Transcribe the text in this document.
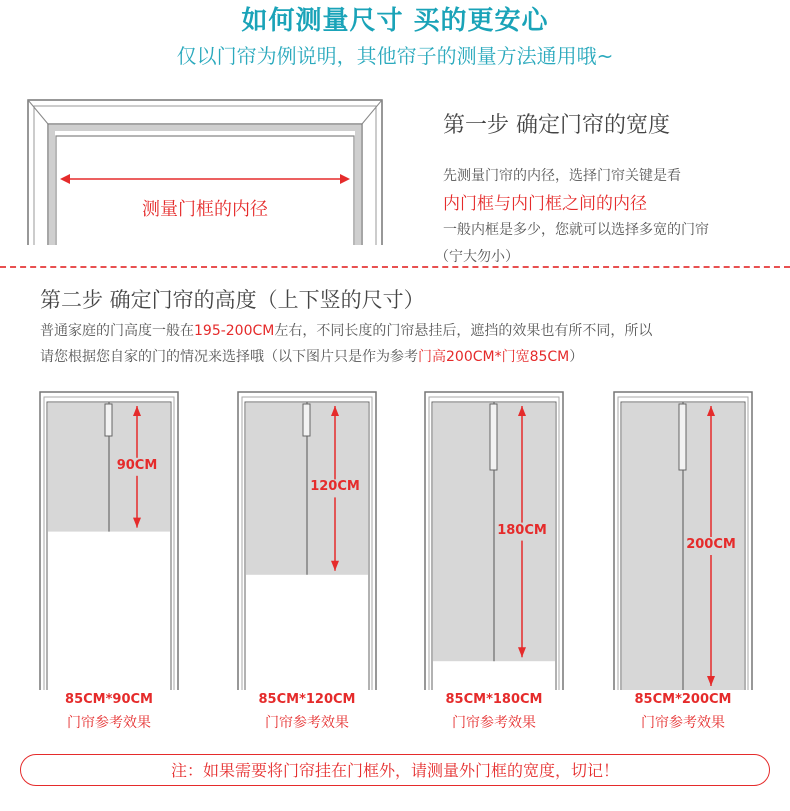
如何测量尺寸 买的更安心
仅以门帘为例说明，其他帘子的测量方法通用哦~
测量门框的内径
第一步 确定门帘的宽度
先测量门帘的内径，选择门帘关键是看
内门框与内门框之间的内径
一般内框是多少，您就可以选择多宽的门帘
（宁大勿小）
第二步 确定门帘的高度（上下竖的尺寸）
普通家庭的门高度一般在195-200CM左右，不同长度的门帘悬挂后，遮挡的效果也有所不同，所以
请您根据您自家的门的情况来选择哦（以下图片只是作为参考门高200CM*门宽85CM）
90CM
85CM*90CM
门帘参考效果
120CM
85CM*120CM
门帘参考效果
180CM
85CM*180CM
门帘参考效果
200CM
85CM*200CM
门帘参考效果
注：如果需要将门帘挂在门框外，请测量外门框的宽度，切记！
